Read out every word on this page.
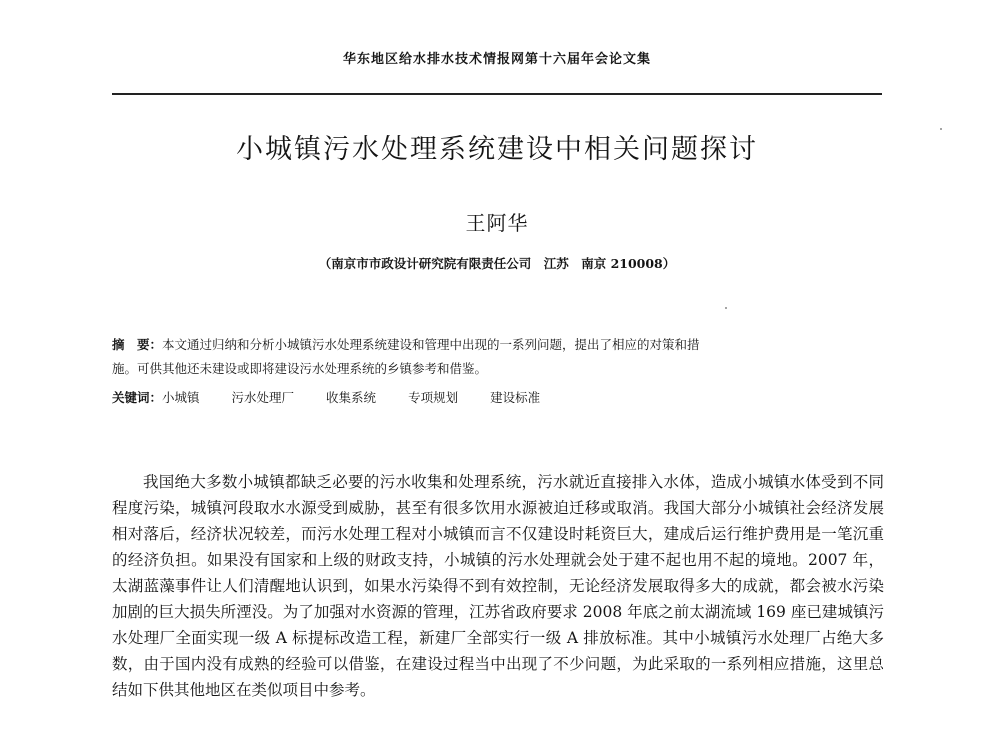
华东地区给水排水技术情报网第十六届年会论文集
小城镇污水处理系统建设中相关问题探讨
王阿华
（南京市市政设计研究院有限责任公司　江苏　南京 210008）
摘　要：本文通过归纳和分析小城镇污水处理系统建设和管理中出现的一系列问题，提出了相应的对策和措施。可供其他还未建设或即将建设污水处理系统的乡镇参考和借鉴。
关键词：小城镇	污水处理厂	收集系统	专项规划	建设标准
我国绝大多数小城镇都缺乏必要的污水收集和处理系统，污水就近直接排入水体，造成小城镇水体受到不同程度污染，城镇河段取水水源受到威胁，甚至有很多饮用水源被迫迁移或取消。我国大部分小城镇社会经济发展相对落后，经济状况较差，而污水处理工程对小城镇而言不仅建设时耗资巨大，建成后运行维护费用是一笔沉重的经济负担。如果没有国家和上级的财政支持，小城镇的污水处理就会处于建不起也用不起的境地。2007 年，太湖蓝藻事件让人们清醒地认识到，如果水污染得不到有效控制，无论经济发展取得多大的成就，都会被水污染加剧的巨大损失所湮没。为了加强对水资源的管理，江苏省政府要求 2008 年底之前太湖流域 169 座已建城镇污水处理厂全面实现一级 A 标提标改造工程，新建厂全部实行一级 A 排放标准。其中小城镇污水处理厂占绝大多数，由于国内没有成熟的经验可以借鉴，在建设过程当中出现了不少问题，为此采取的一系列相应措施，这里总结如下供其他地区在类似项目中参考。
